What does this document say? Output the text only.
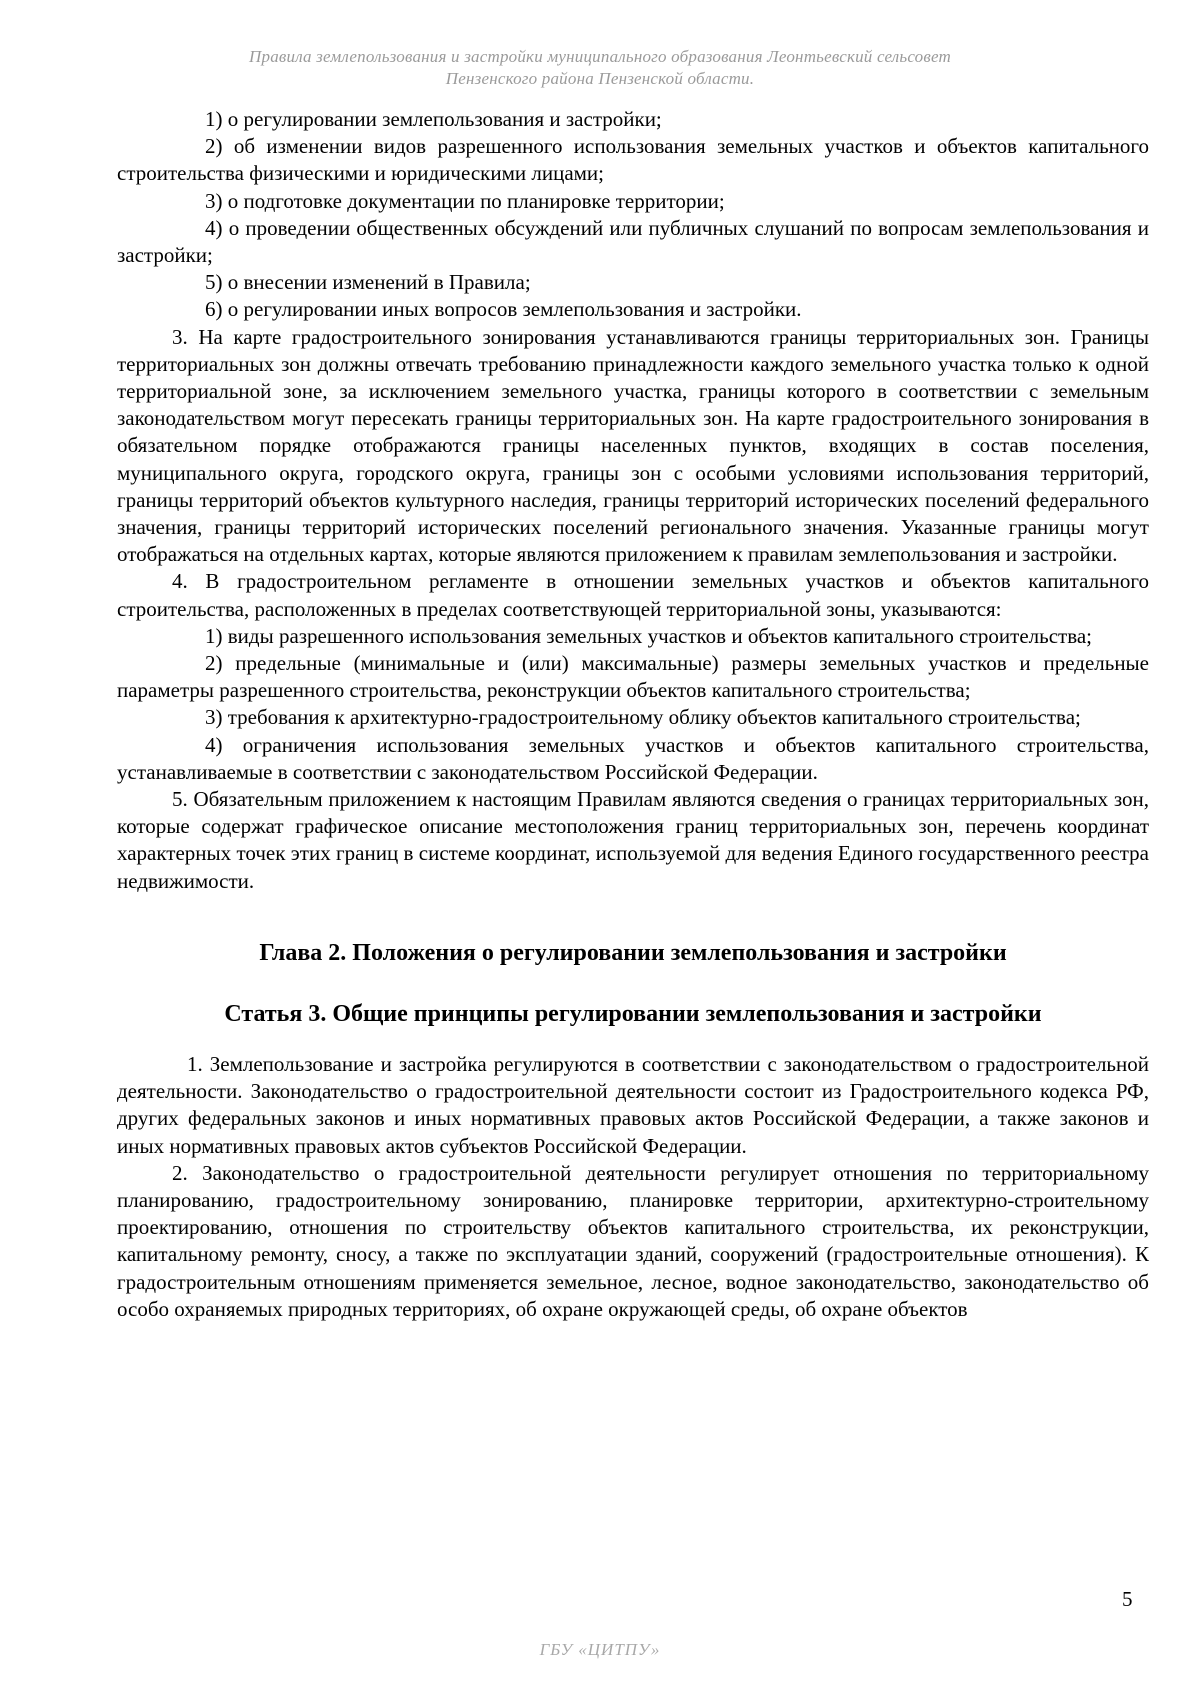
Правила землепользования и застройки муниципального образования Леонтьевский сельсовет
Пензенского района Пензенской области.

1) о регулировании землепользования и застройки;

2) об изменении видов разрешенного использования земельных участков и объектов капитального строительства физическими и юридическими лицами;

3) о подготовке документации по планировке территории;

4) о проведении общественных обсуждений или публичных слушаний по вопросам землепользования и застройки;

5) о внесении изменений в Правила;

6) о регулировании иных вопросов землепользования и застройки.

3. На карте градостроительного зонирования устанавливаются границы территориальных зон. Границы территориальных зон должны отвечать требованию принадлежности каждого земельного участка только к одной территориальной зоне, за исключением земельного участка, границы которого в соответствии с земельным законодательством могут пересекать границы территориальных зон. На карте градостроительного зонирования в обязательном порядке отображаются границы населенных пунктов, входящих в состав поселения, муниципального округа, городского округа, границы зон с особыми условиями использования территорий, границы территорий объектов культурного наследия, границы территорий исторических поселений федерального значения, границы территорий исторических поселений регионального значения. Указанные границы могут отображаться на отдельных картах, которые являются приложением к правилам землепользования и застройки.

4. В градостроительном регламенте в отношении земельных участков и объектов капитального строительства, расположенных в пределах соответствующей территориальной зоны, указываются:

1) виды разрешенного использования земельных участков и объектов капитального строительства;

2) предельные (минимальные и (или) максимальные) размеры земельных участков и предельные параметры разрешенного строительства, реконструкции объектов капитального строительства;

3) требования к архитектурно-градостроительному облику объектов капитального строительства;

4) ограничения использования земельных участков и объектов капитального строительства, устанавливаемые в соответствии с законодательством Российской Федерации.

5. Обязательным приложением к настоящим Правилам являются сведения о границах территориальных зон, которые содержат графическое описание местоположения границ территориальных зон, перечень координат характерных точек этих границ в системе координат, используемой для ведения Единого государственного реестра недвижимости.

Глава 2. Положения о регулировании землепользования и застройки
Статья 3. Общие принципы регулировании землепользования и застройки

1. Землепользование и застройка регулируются в соответствии с законодательством о градостроительной деятельности. Законодательство о градостроительной деятельности состоит из Градостроительного кодекса РФ, других федеральных законов и иных нормативных правовых актов Российской Федерации, а также законов и иных нормативных правовых актов субъектов Российской Федерации.

2. Законодательство о градостроительной деятельности регулирует отношения по территориальному планированию, градостроительному зонированию, планировке территории, архитектурно-строительному проектированию, отношения по строительству объектов капитального строительства, их реконструкции, капитальному ремонту, сносу, а также по эксплуатации зданий, сооружений (градостроительные отношения). К градостроительным отношениям применяется земельное, лесное, водное законодательство, законодательство об особо охраняемых природных территориях, об охране окружающей среды, об охране объектов

5
ГБУ «ЦИТПУ»
